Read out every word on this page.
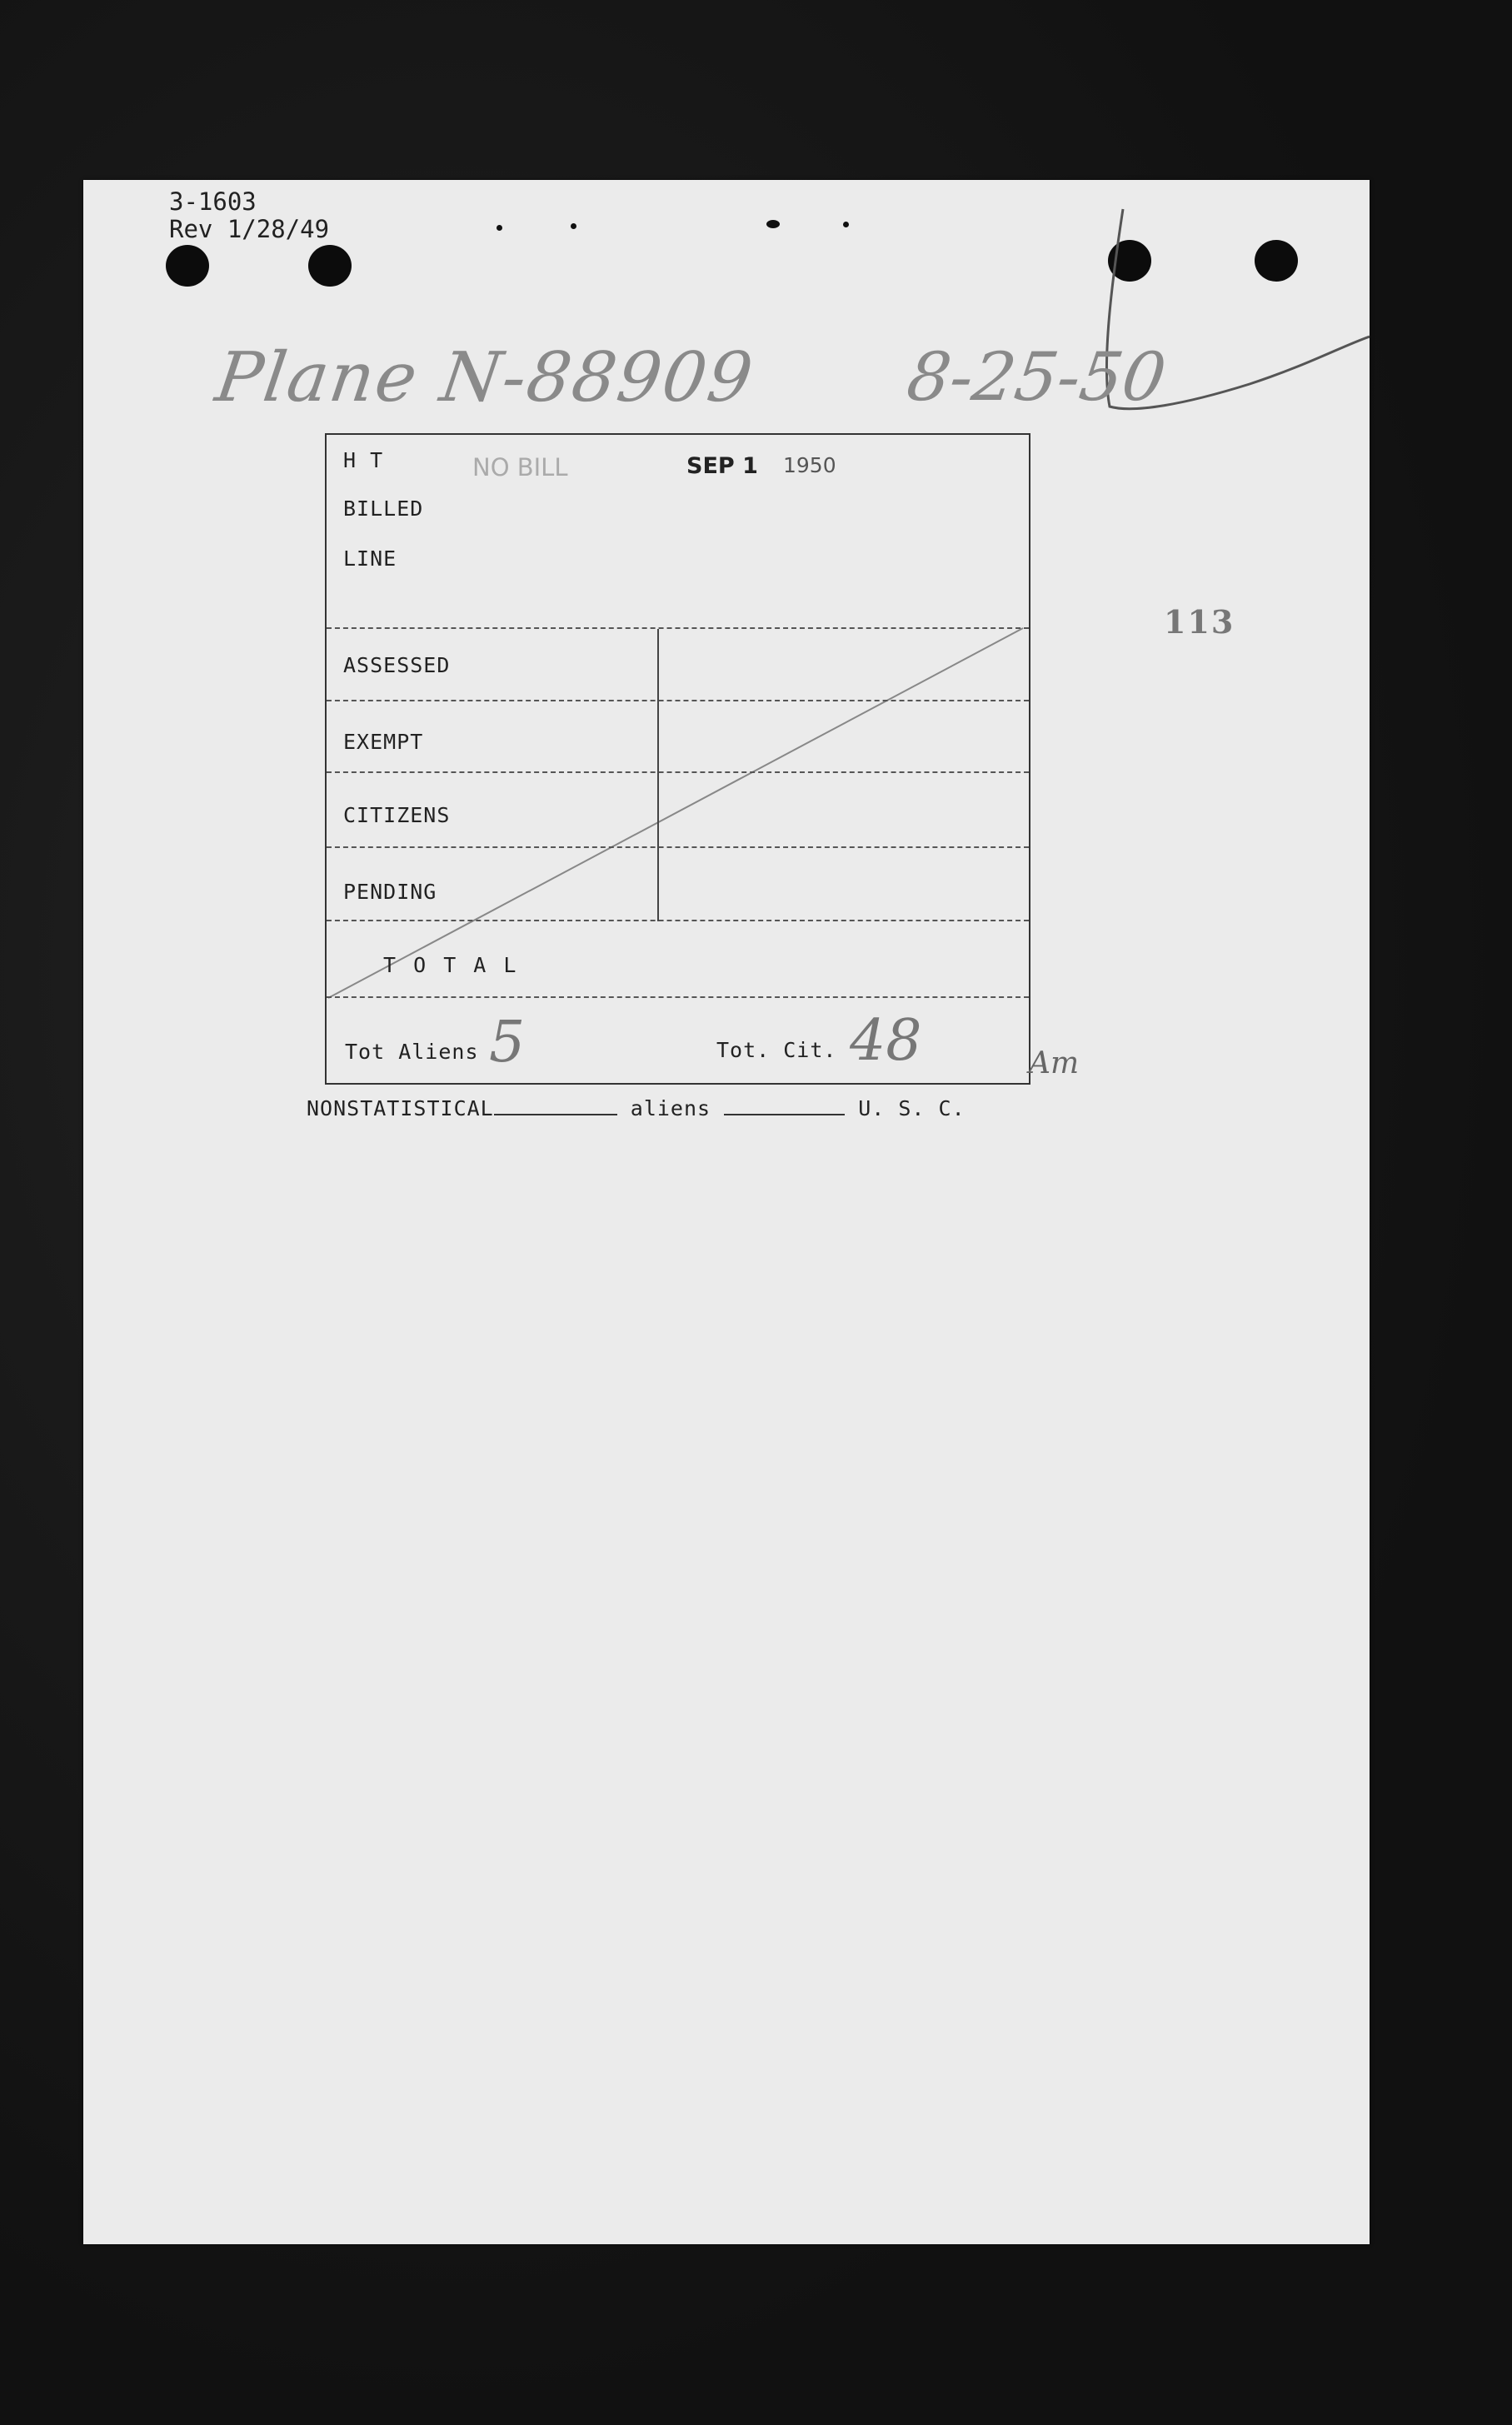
3-1603
Rev 1/28/49
Plane N-88909 8-25-50
113
H T
BILLED
LINE
NO BILL	SEP 1 1950
ASSESSED
EXEMPT
CITIZENS
PENDING
T O T A L
Tot Aliens 5	Tot. Cit. 48	Am
NONSTATISTICAL	aliens	U. S. C.
